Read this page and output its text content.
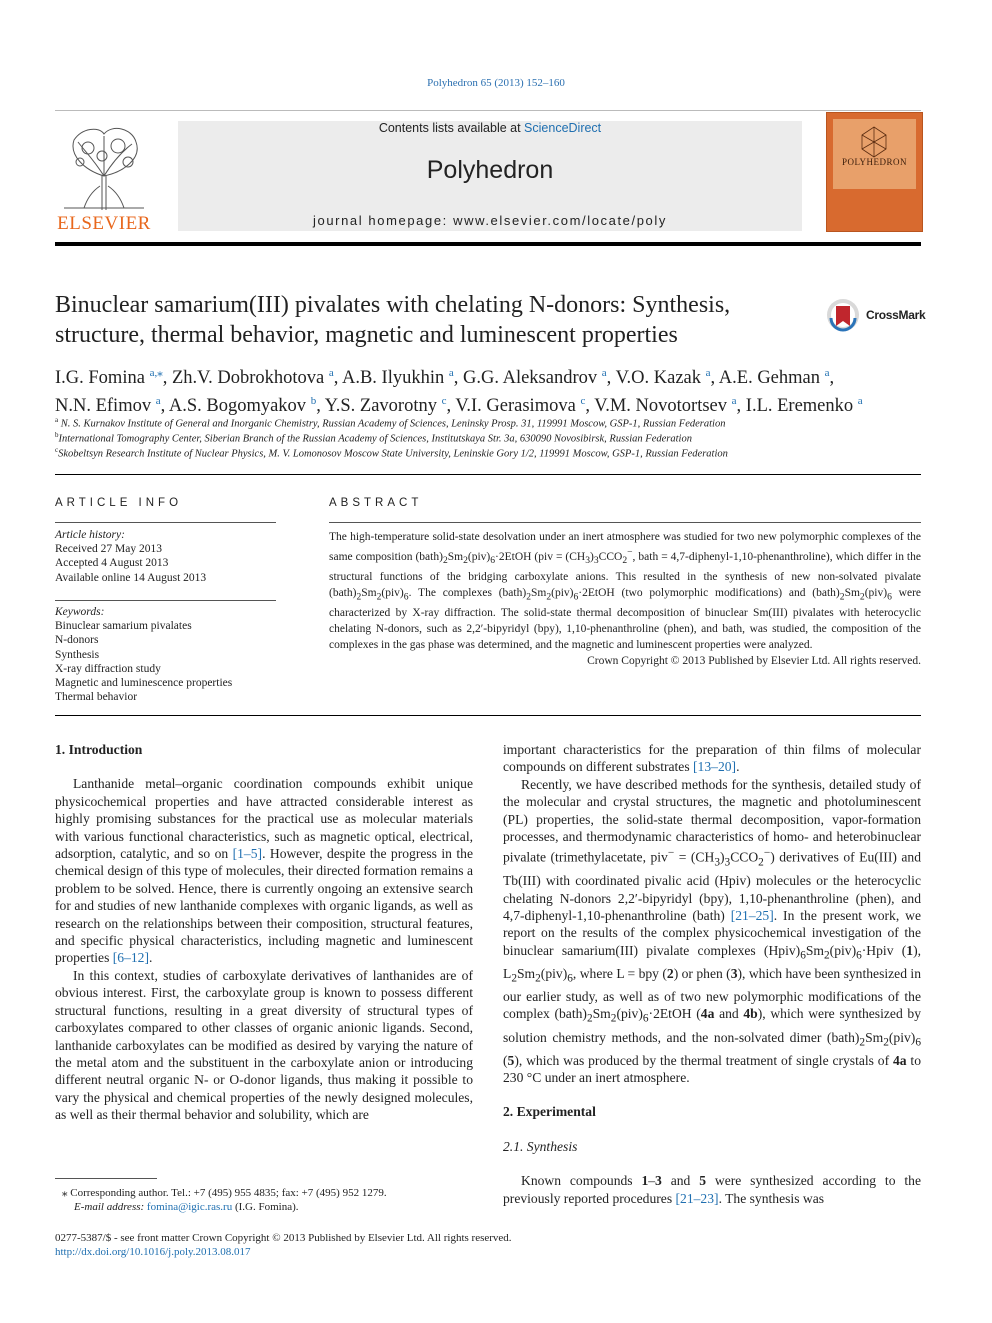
Polyhedron 65 (2013) 152–160
ELSEVIER
Contents lists available at ScienceDirect
Polyhedron
journal homepage: www.elsevier.com/locate/poly
POLYHEDRON
Binuclear samarium(III) pivalates with chelating N-donors: Synthesis, structure, thermal behavior, magnetic and luminescent properties
CrossMark
I.G. Fomina $^{a,⁎}$, Zh.V. Dobrokhotova $^a$, A.B. Ilyukhin $^a$, G.G. Aleksandrov $^a$, V.O. Kazak $^a$, A.E. Gehman $^a$,
N.N. Efimov $^a$, A.S. Bogomyakov $^b$, Y.S. Zavorotny $^c$, V.I. Gerasimova $^c$, V.M. Novotortsev $^a$, I.L. Eremenko $^a$
$^a$ N. S. Kurnakov Institute of General and Inorganic Chemistry, Russian Academy of Sciences, Leninsky Prosp. 31, 119991 Moscow, GSP-1, Russian Federation
$^b$International Tomography Center, Siberian Branch of the Russian Academy of Sciences, Institutskaya Str. 3a, 630090 Novosibirsk, Russian Federation
$^c$Skobeltsyn Research Institute of Nuclear Physics, M. V. Lomonosov Moscow State University, Leninskie Gory 1/2, 119991 Moscow, GSP-1, Russian Federation
ARTICLE INFO
Article history:
Received 27 May 2013
Accepted 4 August 2013
Available online 14 August 2013
Keywords:
Binuclear samarium pivalates
N-donors
Synthesis
X-ray diffraction study
Magnetic and luminescence properties
Thermal behavior
ABSTRACT
The high-temperature solid-state desolvation under an inert atmosphere was studied for two new polymorphic complexes of the same composition $(bath)_2Sm_2(piv)_6\cdot 2EtOH$ ($piv = (CH_3)_3CCO_2^-$, bath = 4,7-diphenyl-1,10-phenanthroline), which differ in the structural functions of the bridging carboxylate anions. This resulted in the synthesis of new non-solvated pivalate $(bath)_2Sm_2(piv)_6$. The complexes $(bath)_2Sm_2(piv)_6\cdot 2EtOH$ (two polymorphic modifications) and $(bath)_2Sm_2(piv)_6$ were characterized by X-ray diffraction. The solid-state thermal decomposition of binuclear Sm(III) pivalates with heterocyclic chelating N-donors, such as 2,2′-bipyridyl (bpy), 1,10-phenanthroline (phen), and bath, was studied, the composition of the complexes in the gas phase was determined, and the magnetic and luminescent properties were analyzed.
Crown Copyright © 2013 Published by Elsevier Ltd. All rights reserved.
1. Introduction

Lanthanide metal–organic coordination compounds exhibit unique physicochemical properties and have attracted considerable interest as highly promising substances for the practical use as molecular materials with various functional characteristics, such as magnetic optical, electrical, adsorption, catalytic, and so on [1–5]. However, despite the progress in the chemical design of this type of molecules, their directed formation remains a problem to be solved. Hence, there is currently ongoing an extensive search for and studies of new lanthanide complexes with organic ligands, as well as research on the relationships between their composition, structural features, and specific physical characteristics, including magnetic and luminescent properties [6–12].

In this context, studies of carboxylate derivatives of lanthanides are of obvious interest. First, the carboxylate group is known to possess different structural functions, resulting in a great diversity of structural types of carboxylates compared to other classes of organic anionic ligands. Second, lanthanide carboxylates can be modified as desired by varying the nature of the metal atom and the substituent in the carboxylate anion or introducing different neutral organic N- or O-donor ligands, thus making it possible to vary the physical and chemical properties of the newly designed molecules, as well as their thermal behavior and solubility, which are

⁎ Corresponding author. Tel.: +7 (495) 955 4835; fax: +7 (495) 952 1279.
E-mail address: fomina@igic.ras.ru (I.G. Fomina).

important characteristics for the preparation of thin films of molecular compounds on different substrates [13–20].

Recently, we have described methods for the synthesis, detailed study of the molecular and crystal structures, the magnetic and photoluminescent (PL) properties, the solid-state thermal decomposition, vapor-formation processes, and thermodynamic characteristics of homo- and heterobinuclear pivalate (trimethylacetate, $piv^- = (CH_3)_3CCO_2^-$) derivatives of Eu(III) and Tb(III) with coordinated pivalic acid (Hpiv) molecules or the heterocyclic chelating N-donors 2,2′-bipyridyl (bpy), 1,10-phenanthroline (phen), and 4,7-diphenyl-1,10-phenanthroline (bath) [21–25]. In the present work, we report on the results of the complex physicochemical investigation of the binuclear samarium(III) pivalate complexes $(Hpiv)_6Sm_2(piv)_6\cdot Hpiv$ (1), $L_2Sm_2(piv)_6$, where L = bpy (2) or phen (3), which have been synthesized in our earlier study, as well as of two new polymorphic modifications of the complex $(bath)_2Sm_2(piv)_6\cdot 2EtOH$ (4a and 4b), which were synthesized by solution chemistry methods, and the non-solvated dimer $(bath)_2Sm_2(piv)_6$ (5), which was produced by the thermal treatment of single crystals of 4a to 230 °C under an inert atmosphere.

2. Experimental
2.1. Synthesis

Known compounds 1–3 and 5 were synthesized according to the previously reported procedures [21–23]. The synthesis was

0277-5387/$ - see front matter Crown Copyright © 2013 Published by Elsevier Ltd. All rights reserved.
http://dx.doi.org/10.1016/j.poly.2013.08.017
